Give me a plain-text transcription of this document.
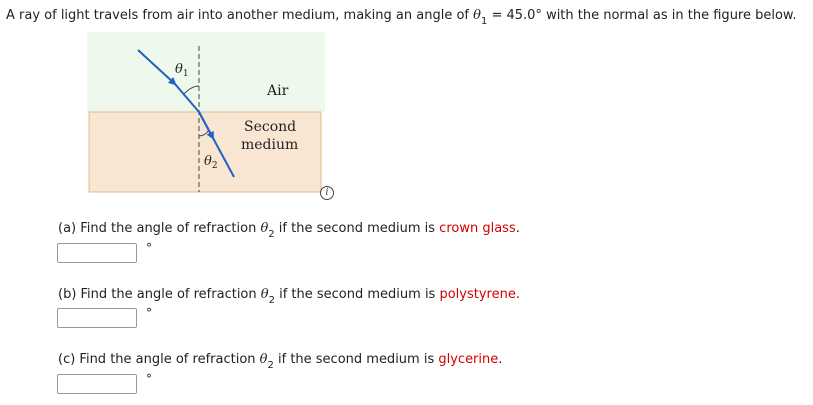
A ray of light travels from air into another medium, making an angle of $\theta_1 = 45.0^\circ$ with the normal as in the figure below.
$\theta_1$
$\theta_2$
Air
Second
medium
i
(a) Find the angle of refraction $\theta_2$ if the second medium is crown glass.
°
(b) Find the angle of refraction $\theta_2$ if the second medium is polystyrene.
°
(c) Find the angle of refraction $\theta_2$ if the second medium is glycerine.
°
